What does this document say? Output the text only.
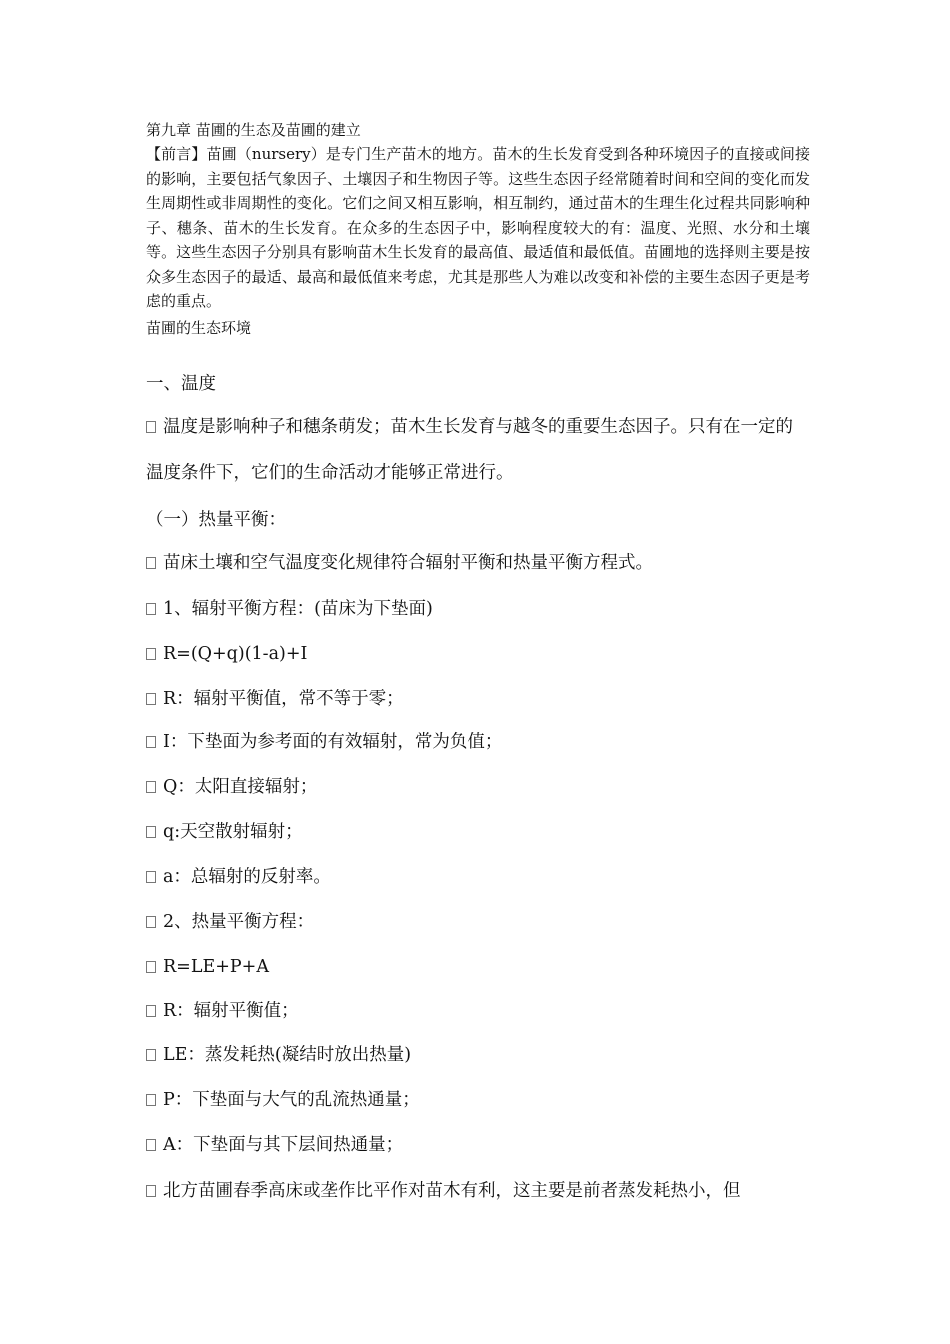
第九章 苗圃的生态及苗圃的建立
【前言】苗圃（nursery）是专门生产苗木的地方。苗木的生长发育受到各种环境因子的直接或间接的影响，主要包括气象因子、土壤因子和生物因子等。这些生态因子经常随着时间和空间的变化而发生周期性或非周期性的变化。它们之间又相互影响，相互制约，通过苗木的生理生化过程共同影响种子、穗条、苗木的生长发育。在众多的生态因子中，影响程度较大的有：温度、光照、水分和土壤等。这些生态因子分别具有影响苗木生长发育的最高值、最适值和最低值。苗圃地的选择则主要是按众多生态因子的最适、最高和最低值来考虑，尤其是那些人为难以改变和补偿的主要生态因子更是考虑的重点。
苗圃的生态环境
一、温度
温度是影响种子和穗条萌发；苗木生长发育与越冬的重要生态因子。只有在一定的温度条件下，它们的生命活动才能够正常进行。
（一）热量平衡：
苗床土壤和空气温度变化规律符合辐射平衡和热量平衡方程式。
1、辐射平衡方程：(苗床为下垫面)
R=(Q+q)(1-a)+I
R：辐射平衡值，常不等于零；
I：下垫面为参考面的有效辐射，常为负值；
Q：太阳直接辐射；
q:天空散射辐射；
a：总辐射的反射率。
2、热量平衡方程：
R=LE+P+A
R：辐射平衡值；
LE：蒸发耗热(凝结时放出热量)
P：下垫面与大气的乱流热通量；
A：下垫面与其下层间热通量；
北方苗圃春季高床或垄作比平作对苗木有利，这主要是前者蒸发耗热小，但
